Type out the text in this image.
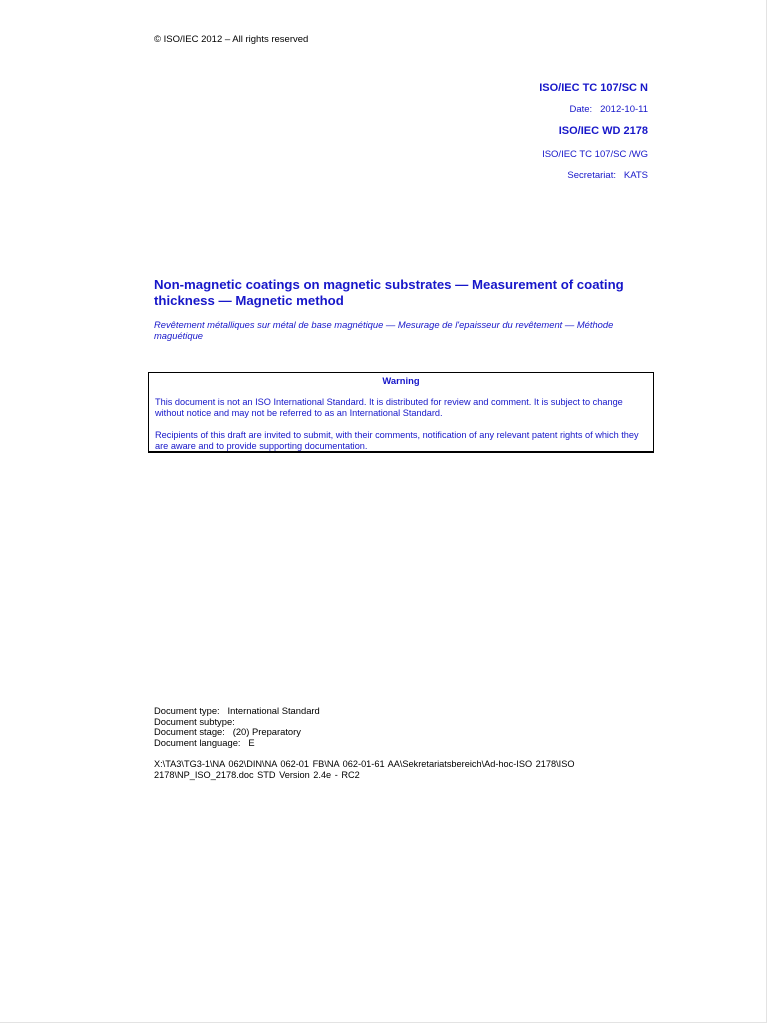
© ISO/IEC 2012 – All rights reserved
ISO/IEC TC 107/SC N
Date: 2012-10-11
ISO/IEC WD 2178
ISO/IEC TC 107/SC /WG
Secretariat: KATS
Non-magnetic coatings on magnetic substrates — Measurement of coating thickness — Magnetic method
Revêtement métalliques sur métal de base magnétique — Mesurage de l'epaisseur du revêtement — Méthode maguétique
Warning
This document is not an ISO International Standard. It is distributed for review and comment. It is subject to change without notice and may not be referred to as an International Standard.
Recipients of this draft are invited to submit, with their comments, notification of any relevant patent rights of which they are aware and to provide supporting documentation.
Document type: International Standard
Document subtype:
Document stage: (20) Preparatory
Document language: E
X:\TA3\TG3-1\NA 062\DIN\NA 062-01 FB\NA 062-01-61 AA\Sekretariatsbereich\Ad-hoc-ISO 2178\ISO 2178\NP_ISO_2178.doc STD Version 2.4e - RC2
